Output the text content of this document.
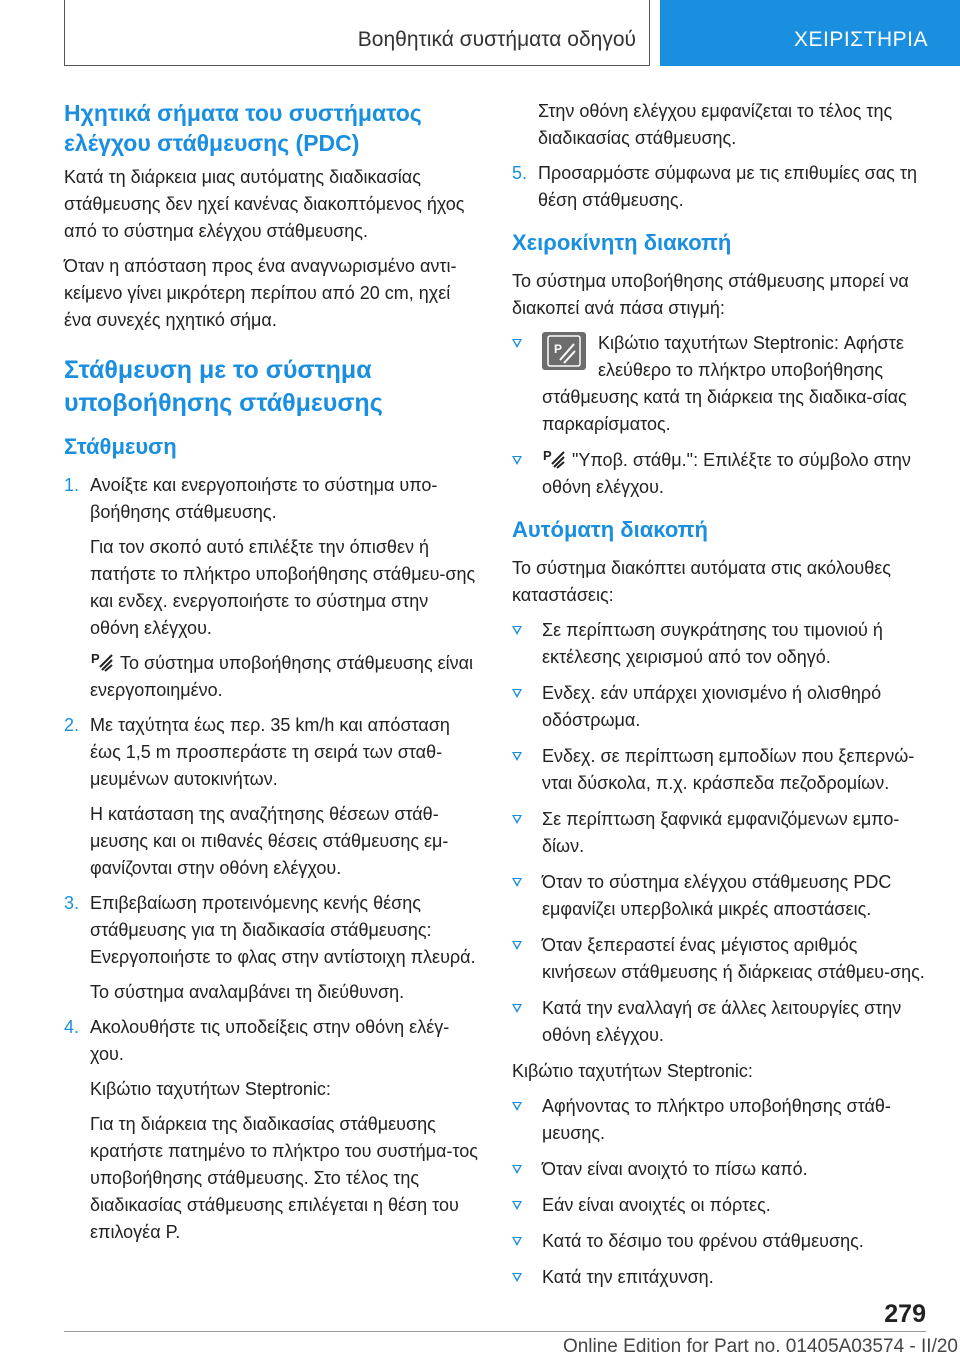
Βοηθητικά συστήματα οδηγού	ΧΕΙΡΙΣΤΗΡΙΑ
Ηχητικά σήματα του συστήματος ελέγχου στάθμευσης (PDC)

Κατά τη διάρκεια μιας αυτόματης διαδικασίας στάθμευσης δεν ηχεί κανένας διακοπτόμενος ήχος από το σύστημα ελέγχου στάθμευσης.

Όταν η απόσταση προς ένα αναγνωρισμένο αντι-κείμενο γίνει μικρότερη περίπου από 20 cm, ηχεί ένα συνεχές ηχητικό σήμα.

Στάθμευση με το σύστημα υποβοήθησης στάθμευσης
Στάθμευση
1. Ανοίξτε και ενεργοποιήστε το σύστημα υπο-βοήθησης στάθμευσης.

Για τον σκοπό αυτό επιλέξτε την όπισθεν ή πατήστε το πλήκτρο υποβοήθησης στάθμευ-σης και ενδεχ. ενεργοποιήστε το σύστημα στην οθόνη ελέγχου.

P Το σύστημα υποβοήθησης στάθμευσης είναι ενεργοποιημένο.

2. Με ταχύτητα έως περ. 35 km/h και απόσταση έως 1,5 m προσπεράστε τη σειρά των σταθ-μευμένων αυτοκινήτων.

Η κατάσταση της αναζήτησης θέσεων στάθ-μευσης και οι πιθανές θέσεις στάθμευσης εμ-φανίζονται στην οθόνη ελέγχου.

3. Επιβεβαίωση προτεινόμενης κενής θέσης στάθμευσης για τη διαδικασία στάθμευσης: Ενεργοποιήστε το φλας στην αντίστοιχη πλευρά.

Το σύστημα αναλαμβάνει τη διεύθυνση.

4. Ακολουθήστε τις υποδείξεις στην οθόνη ελέγ-χου.

Κιβώτιο ταχυτήτων Steptronic:

Για τη διάρκεια της διαδικασίας στάθμευσης κρατήστε πατημένο το πλήκτρο του συστήμα-τος υποβοήθησης στάθμευσης. Στο τέλος της διαδικασίας στάθμευσης επιλέγεται η θέση του επιλογέα P.

Στην οθόνη ελέγχου εμφανίζεται το τέλος της διαδικασίας στάθμευσης.

5. Προσαρμόστε σύμφωνα με τις επιθυμίες σας τη θέση στάθμευσης.

Χειροκίνητη διακοπή

Το σύστημα υποβοήθησης στάθμευσης μπορεί να διακοπεί ανά πάσα στιγμή:

P Κιβώτιο ταχυτήτων Steptronic: Αφήστε ελεύθερο το πλήκτρο υποβοήθησης στάθμευσης κατά τη διάρκεια της διαδικα-σίας παρκαρίσματος.
P "Υποβ. στάθμ.": Επιλέξτε το σύμβολο στην οθόνη ελέγχου.
Αυτόματη διακοπή

Το σύστημα διακόπτει αυτόματα στις ακόλουθες καταστάσεις:

Σε περίπτωση συγκράτησης του τιμονιού ή εκτέλεσης χειρισμού από τον οδηγό.
Ενδεχ. εάν υπάρχει χιονισμένο ή ολισθηρό οδόστρωμα.
Ενδεχ. σε περίπτωση εμποδίων που ξεπερνώ-νται δύσκολα, π.χ. κράσπεδα πεζοδρομίων.
Σε περίπτωση ξαφνικά εμφανιζόμενων εμπο-δίων.
Όταν το σύστημα ελέγχου στάθμευσης PDC εμφανίζει υπερβολικά μικρές αποστάσεις.
Όταν ξεπεραστεί ένας μέγιστος αριθμός κινήσεων στάθμευσης ή διάρκειας στάθμευ-σης.
Κατά την εναλλαγή σε άλλες λειτουργίες στην οθόνη ελέγχου.

Κιβώτιο ταχυτήτων Steptronic:

Αφήνοντας το πλήκτρο υποβοήθησης στάθ-μευσης.
Όταν είναι ανοιχτό το πίσω καπό.
Εάν είναι ανοιχτές οι πόρτες.
Κατά το δέσιμο του φρένου στάθμευσης.
Κατά την επιτάχυνση.
279
Online Edition for Part no. 01405A03574 - II/20
